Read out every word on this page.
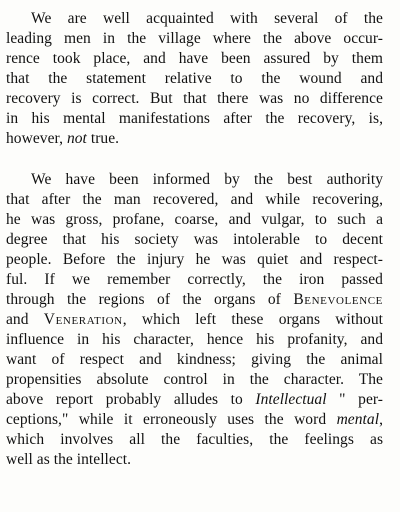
We are well acquainted with several of the
leading men in the village where the above occur-
rence took place, and have been assured by them
that the statement relative to the wound and
recovery is correct. But that there was no difference
in his mental manifestations after the recovery, is,
however, not true.
We have been informed by the best authority
that after the man recovered, and while recovering,
he was gross, profane, coarse, and vulgar, to such a
degree that his society was intolerable to decent
people. Before the injury he was quiet and respect-
ful. If we remember correctly, the iron passed
through the regions of the organs of Benevolence
and Veneration, which left these organs without
influence in his character, hence his profanity, and
want of respect and kindness; giving the animal
propensities absolute control in the character. The
above report probably alludes to Intellectual " per-
ceptions," while it erroneously uses the word mental,
which involves all the faculties, the feelings as
well as the intellect.
